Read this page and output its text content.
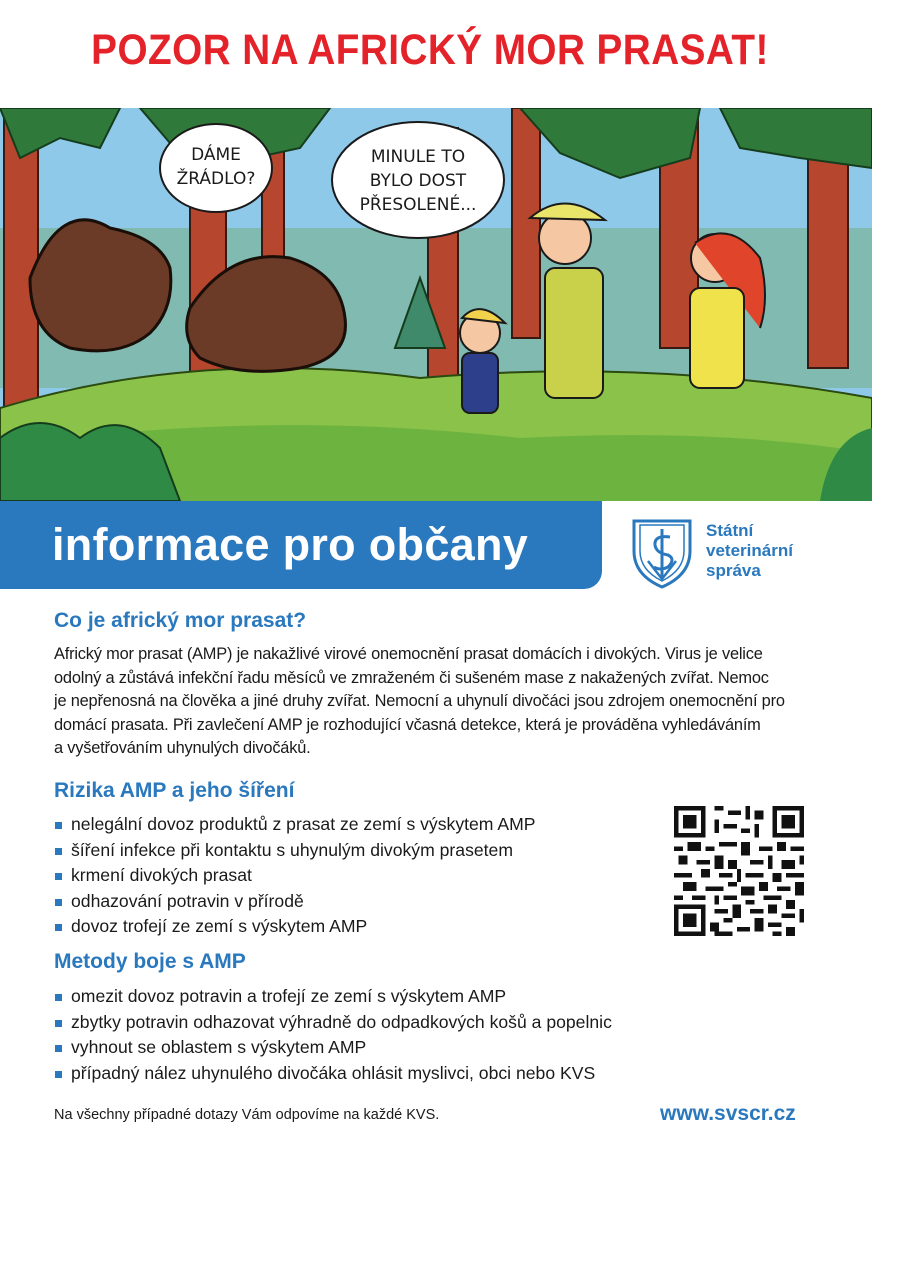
POZOR NA AFRICKÝ MOR PRASAT!
DÁME
ŽRÁDLO?
MINULE TO
BYLO DOST
PŘESOLENÉ...
informace pro občany	Státní
veterinární
správa
Co je africký mor prasat?
Africký mor prasat (AMP) je nakažlivé virové onemocnění prasat domácích i divokých. Virus je velice
odolný a zůstává infekční řadu měsíců ve zmraženém či sušeném mase z nakažených zvířat. Nemoc
je nepřenosná na člověka a jiné druhy zvířat. Nemocní a uhynulí divočáci jsou zdrojem onemocnění pro
domácí prasata. Při zavlečení AMP je rozhodující včasná detekce, která je prováděna vyhledáváním
a vyšetřováním uhynulých divočáků.
Rizika AMP a jeho šíření
nelegální dovoz produktů z prasat ze zemí s výskytem AMP
šíření infekce při kontaktu s uhynulým divokým prasetem
krmení divokých prasat
odhazování potravin v přírodě
dovoz trofejí ze zemí s výskytem AMP
Metody boje s AMP
omezit dovoz potravin a trofejí ze zemí s výskytem AMP
zbytky potravin odhazovat výhradně do odpadkových košů a popelnic
vyhnout se oblastem s výskytem AMP
případný nález uhynulého divočáka ohlásit myslivci, obci nebo KVS
Na všechny případné dotazy Vám odpovíme na každé KVS.	www.svscr.cz
